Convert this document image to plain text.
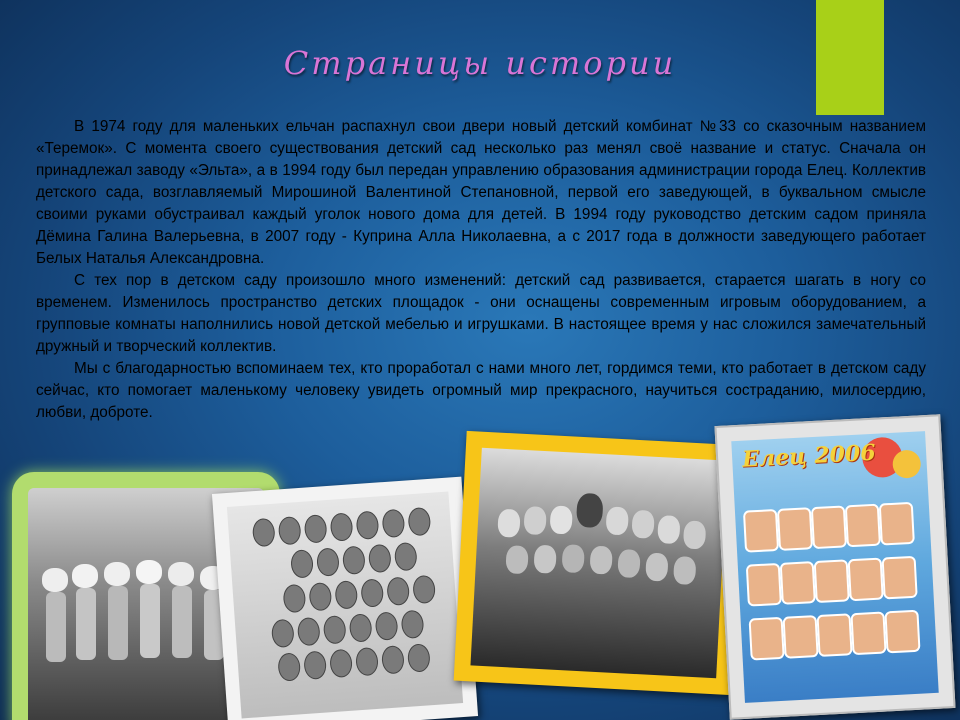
Страницы истории

В 1974 году для маленьких ельчан распахнул свои двери новый детский комбинат №33 со сказочным названием «Теремок». С момента своего существования детский сад несколько раз менял своё название и статус. Сначала он принадлежал заводу «Эльта», а в 1994 году был передан управлению образования администрации города Елец. Коллектив детского сада, возглавляемый Мирошиной Валентиной Степановной, первой его заведующей, в буквальном смысле своими руками обустраивал каждый уголок нового дома для детей. В 1994 году руководство детским садом приняла Дёмина Галина Валерьевна, в 2007 году - Куприна Алла Николаевна, а с 2017 года в должности заведующего работает Белых Наталья Александровна.

С тех пор в детском саду произошло много изменений: детский сад развивается, старается шагать в ногу со временем. Изменилось пространство детских площадок - они оснащены современным игровым оборудованием, а групповые комнаты наполнились новой детской мебелью и игрушками. В настоящее время у нас сложился замечательный дружный и творческий коллектив.

Мы с благодарностью вспоминаем тех, кто проработал с нами много лет, гордимся теми, кто работает в детском саду сейчас, кто помогает маленькому человеку увидеть огромный мир прекрасного, научиться состраданию, милосердию, любви, доброте.

Елец 2006
